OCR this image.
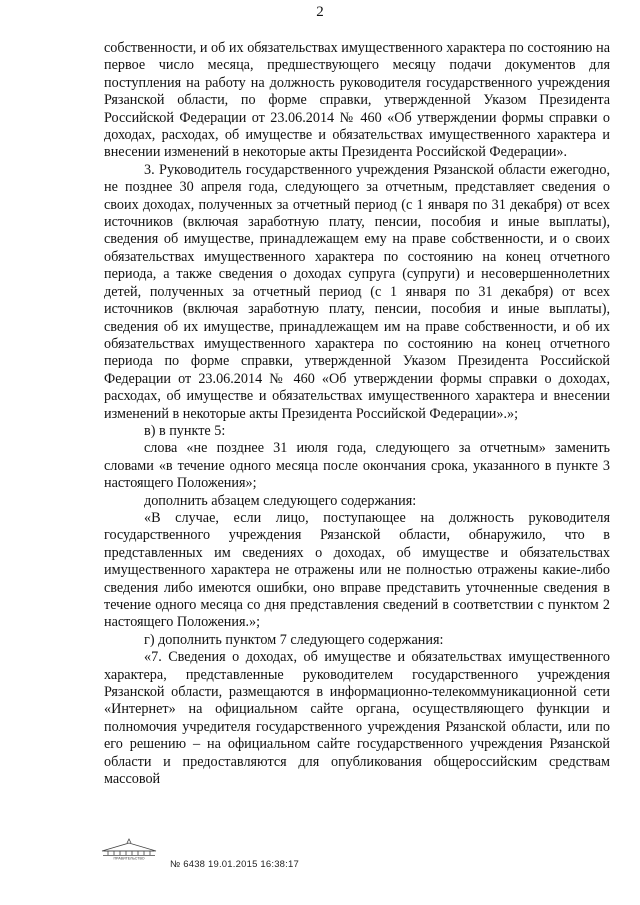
2

собственности, и об их обязательствах имущественного характера по состоянию на первое число месяца, предшествующего месяцу подачи документов для поступления на работу на должность руководителя государственного учреждения Рязанской области, по форме справки, утвержденной Указом Президента Российской Федерации от 23.06.2014 № 460 «Об утверждении формы справки о доходах, расходах, об имуществе и обязательствах имущественного характера и внесении изменений в некоторые акты Президента Российской Федерации».

3. Руководитель государственного учреждения Рязанской области ежегодно, не позднее 30 апреля года, следующего за отчетным, представляет сведения о своих доходах, полученных за отчетный период (с 1 января по 31 декабря) от всех источников (включая заработную плату, пенсии, пособия и иные выплаты), сведения об имуществе, принадлежащем ему на праве собственности, и о своих обязательствах имущественного характера по состоянию на конец отчетного периода, а также сведения о доходах супруга (супруги) и несовершеннолетних детей, полученных за отчетный период (с 1 января по 31 декабря) от всех источников (включая заработную плату, пенсии, пособия и иные выплаты), сведения об их имуществе, принадлежащем им на праве собственности, и об их обязательствах имущественного характера по состоянию на конец отчетного периода по форме справки, утвержденной Указом Президента Российской Федерации от 23.06.2014 № 460 «Об утверждении формы справки о доходах, расходах, об имуществе и обязательствах имущественного характера и внесении изменений в некоторые акты Президента Российской Федерации».»;

в) в пункте 5:

слова «не позднее 31 июля года, следующего за отчетным» заменить словами «в течение одного месяца после окончания срока, указанного в пункте 3 настоящего Положения»;

дополнить абзацем следующего содержания:

«В случае, если лицо, поступающее на должность руководителя государственного учреждения Рязанской области, обнаружило, что в представленных им сведениях о доходах, об имуществе и обязательствах имущественного характера не отражены или не полностью отражены какие-либо сведения либо имеются ошибки, оно вправе представить уточненные сведения в течение одного месяца со дня представления сведений в соответствии с пунктом 2 настоящего Положения.»;

г) дополнить пунктом 7 следующего содержания:

«7. Сведения о доходах, об имуществе и обязательствах имущественного характера, представленные руководителем государственного учреждения Рязанской области, размещаются в информационно-телекоммуникационной сети «Интернет» на официальном сайте органа, осуществляющего функции и полномочия учредителя государственного учреждения Рязанской области, или по его решению – на официальном сайте государственного учреждения Рязанской области и предоставляются для опубликования общероссийским средствам массовой

ПРАВИТЕЛЬСТВО
№ 6438 19.01.2015 16:38:17
